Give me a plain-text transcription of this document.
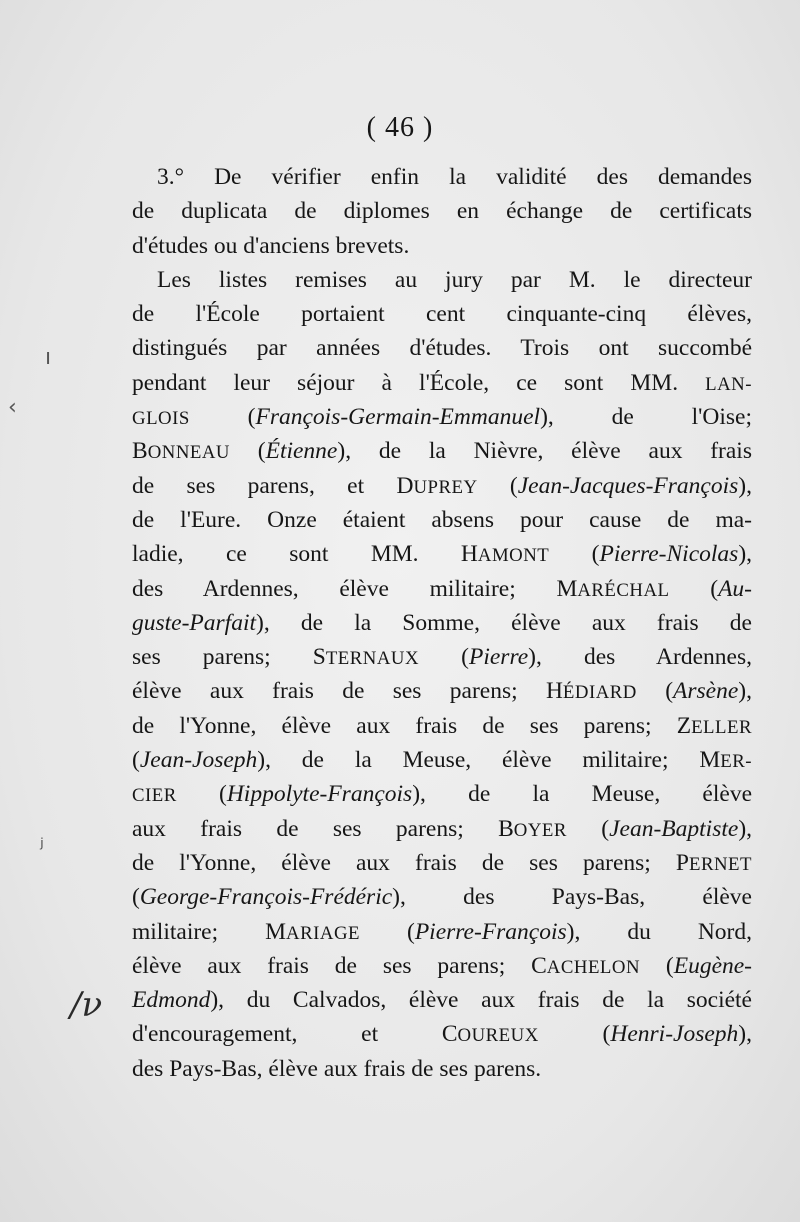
( 46 )
3.° De vérifier enfin la validité des demandes
de duplicata de diplomes en échange de certificats
d'études ou d'anciens brevets.
Les listes remises au jury par M. le directeur
de l'École portaient cent cinquante-cinq élèves,
distingués par années d'études. Trois ont succombé
pendant leur séjour à l'École, ce sont MM. LAN-
GLOIS (François-Germain-Emmanuel), de l'Oise;
BONNEAU (Étienne), de la Nièvre, élève aux frais
de ses parens, et DUPREY (Jean-Jacques-François),
de l'Eure. Onze étaient absens pour cause de ma-
ladie, ce sont MM. HAMONT (Pierre-Nicolas),
des Ardennes, élève militaire; MARÉCHAL (Au-
guste-Parfait), de la Somme, élève aux frais de
ses parens; STERNAUX (Pierre), des Ardennes,
élève aux frais de ses parens; HÉDIARD (Arsène),
de l'Yonne, élève aux frais de ses parens; ZELLER
(Jean-Joseph), de la Meuse, élève militaire; MER-
CIER (Hippolyte-François), de la Meuse, élève
aux frais de ses parens; BOYER (Jean-Baptiste),
de l'Yonne, élève aux frais de ses parens; PERNET
(George-François-Frédéric), des Pays-Bas, élève
militaire; MARIAGE (Pierre-François), du Nord,
élève aux frais de ses parens; CACHELON (Eugène-
Edmond), du Calvados, élève aux frais de la société
d'encouragement, et COUREUX (Henri-Joseph),
des Pays-Bas, élève aux frais de ses parens.
/ν
‹
ı
ʲ
